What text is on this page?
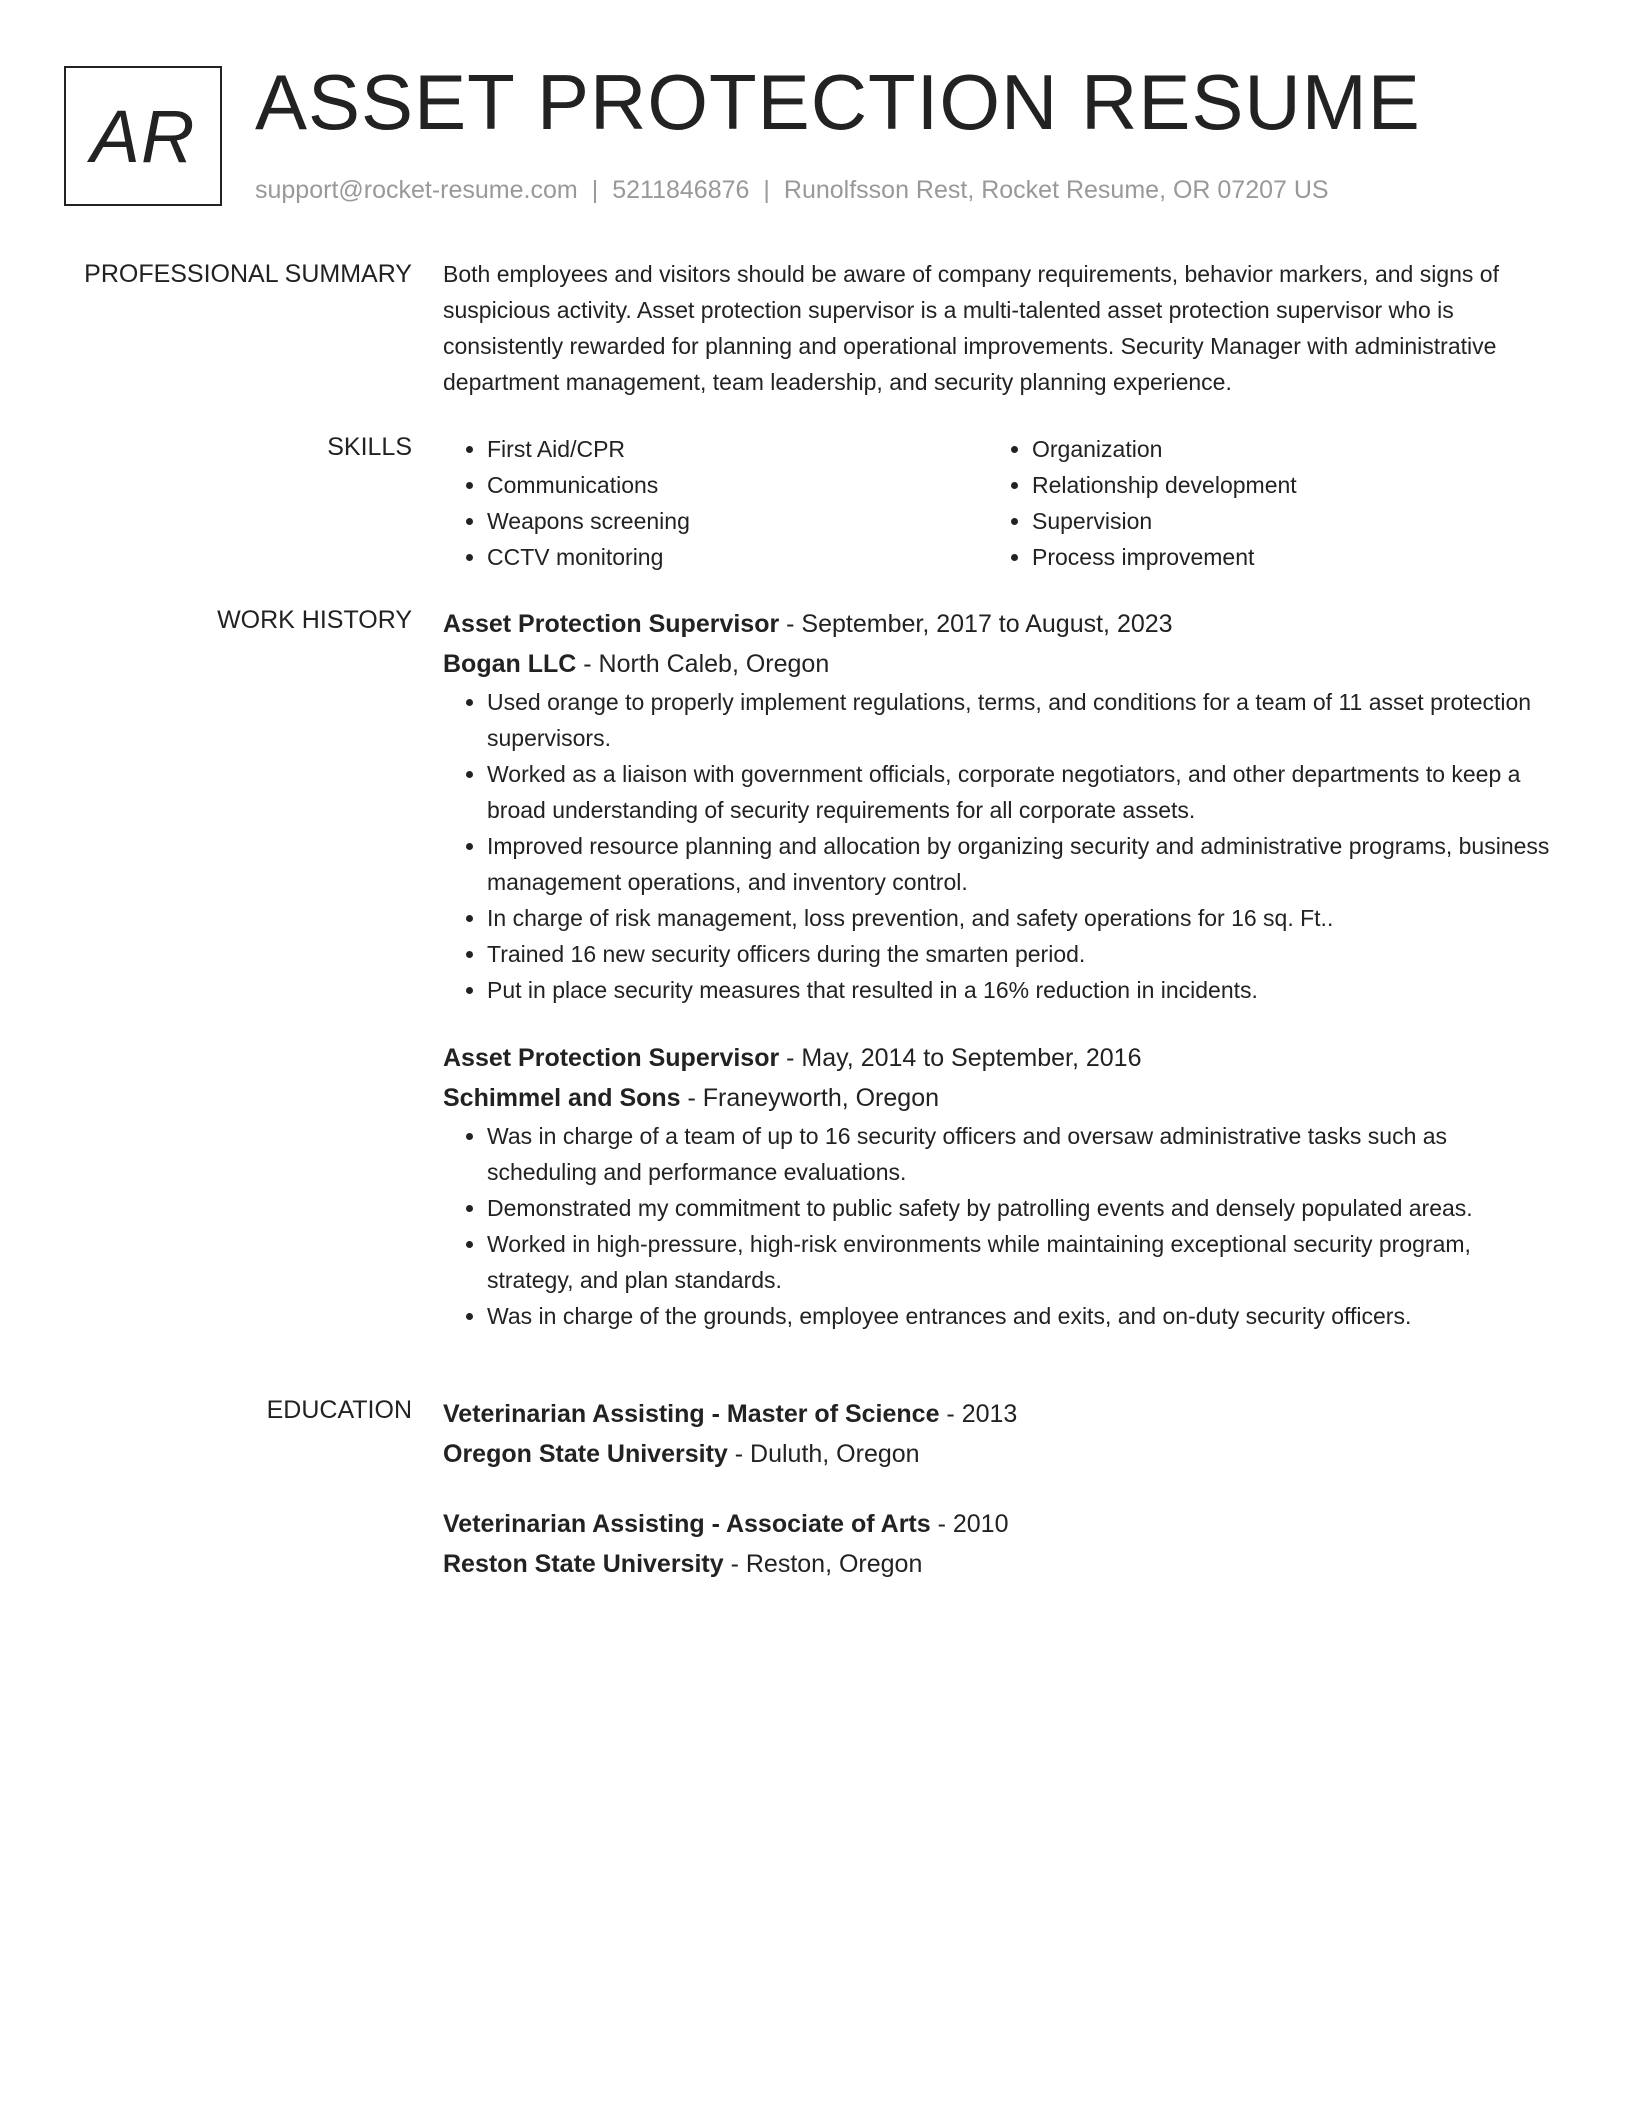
AR ASSET PROTECTION RESUME
support@rocket-resume.com | 5211846876 | Runolfsson Rest, Rocket Resume, OR 07207 US
PROFESSIONAL SUMMARY Both employees and visitors should be aware of company requirements, behavior markers, and signs of suspicious activity. Asset protection supervisor is a multi-talented asset protection supervisor who is consistently rewarded for planning and operational improvements. Security Manager with administrative department management, team leadership, and security planning experience.

SKILLS
•	First Aid/CPR
• Communications
• Weapons screening
• CCTV monitoring
• Organization
• Relationship development
• Supervision
• Process improvement
WORK HISTORY Asset Protection Supervisor - September, 2017 to August, 2023
Bogan LLC - North Caleb, Oregon
• Used orange to properly implement regulations, terms, and conditions for a team of 11 asset protection supervisors.
• Worked as a liaison with government officials, corporate negotiators, and other departments to keep a broad understanding of security requirements for all corporate assets.
• Improved resource planning and allocation by organizing security and administrative programs, business management operations, and inventory control.
• In charge of risk management, loss prevention, and safety operations for 16 sq. Ft..
• Trained 16 new security officers during the smarten period.
• Put in place security measures that resulted in a 16% reduction in incidents.
Asset Protection Supervisor - May, 2014 to September, 2016
Schimmel and Sons - Franeyworth, Oregon
• Was in charge of a team of up to 16 security officers and oversaw administrative tasks such as scheduling and performance evaluations.
• Demonstrated my commitment to public safety by patrolling events and densely populated areas.
• Worked in high-pressure, high-risk environments while maintaining exceptional security program, strategy, and plan standards.
• Was in charge of the grounds, employee entrances and exits, and on-duty security officers.
EDUCATION Veterinarian Assisting - Master of Science - 2013
Oregon State University - Duluth, Oregon
Veterinarian Assisting - Associate of Arts - 2010
Reston State University - Reston, Oregon
